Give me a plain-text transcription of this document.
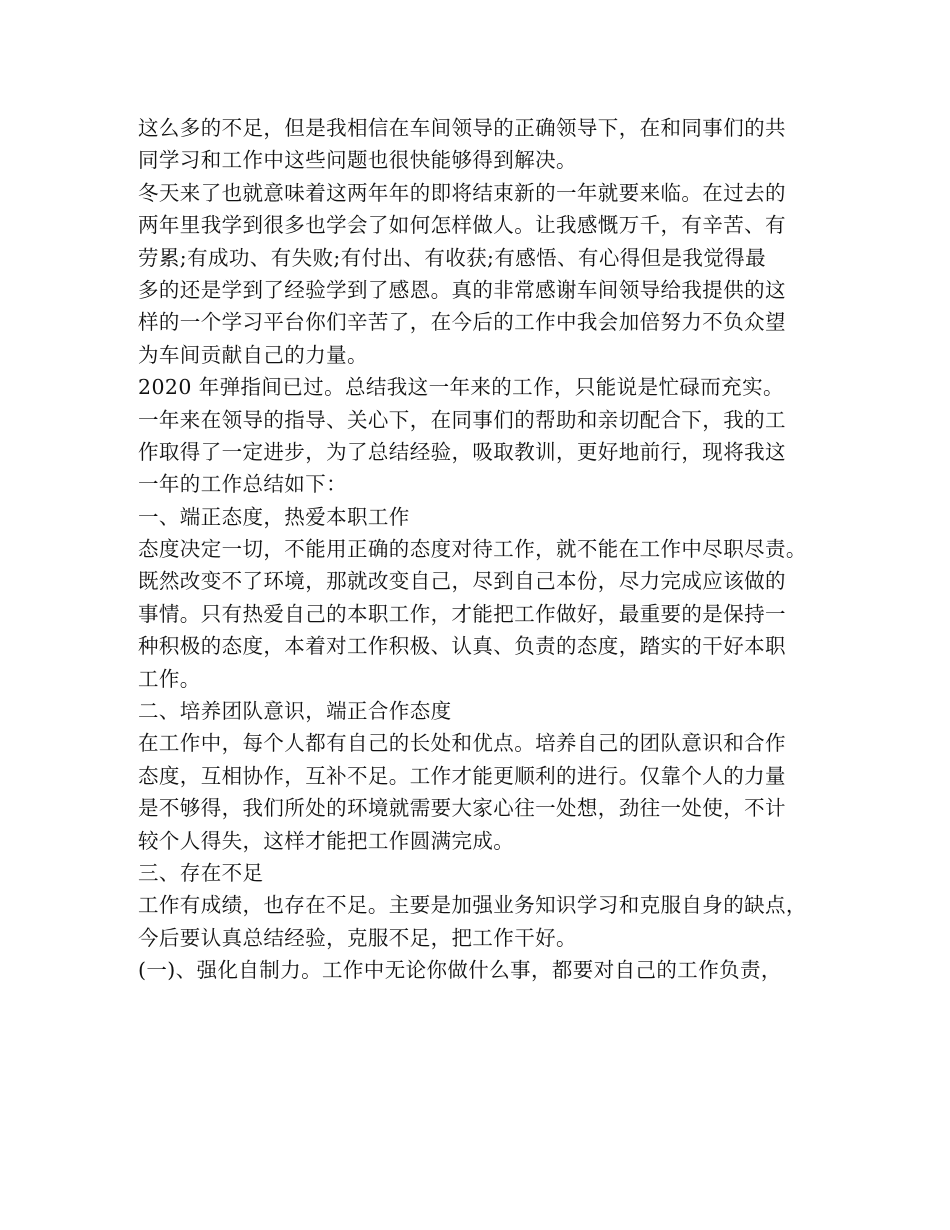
这么多的不足，但是我相信在车间领导的正确领导下，在和同事们的共
同学习和工作中这些问题也很快能够得到解决。
冬天来了也就意味着这两年年的即将结束新的一年就要来临。在过去的
两年里我学到很多也学会了如何怎样做人。让我感慨万千，有辛苦、有
劳累;有成功、有失败;有付出、有收获;有感悟、有心得但是我觉得最
多的还是学到了经验学到了感恩。真的非常感谢车间领导给我提供的这
样的一个学习平台你们辛苦了，在今后的工作中我会加倍努力不负众望
为车间贡献自己的力量。
2020 年弹指间已过。总结我这一年来的工作，只能说是忙碌而充实。
一年来在领导的指导、关心下，在同事们的帮助和亲切配合下，我的工
作取得了一定进步，为了总结经验，吸取教训，更好地前行，现将我这
一年的工作总结如下：
一、端正态度，热爱本职工作
态度决定一切，不能用正确的态度对待工作，就不能在工作中尽职尽责。
既然改变不了环境，那就改变自己，尽到自己本份，尽力完成应该做的
事情。只有热爱自己的本职工作，才能把工作做好，最重要的是保持一
种积极的态度，本着对工作积极、认真、负责的态度，踏实的干好本职
工作。
二、培养团队意识，端正合作态度
在工作中，每个人都有自己的长处和优点。培养自己的团队意识和合作
态度，互相协作，互补不足。工作才能更顺利的进行。仅靠个人的力量
是不够得，我们所处的环境就需要大家心往一处想，劲往一处使，不计
较个人得失，这样才能把工作圆满完成。
三、存在不足
工作有成绩，也存在不足。主要是加强业务知识学习和克服自身的缺点，
今后要认真总结经验，克服不足，把工作干好。
(一)、强化自制力。工作中无论你做什么事，都要对自己的工作负责，
